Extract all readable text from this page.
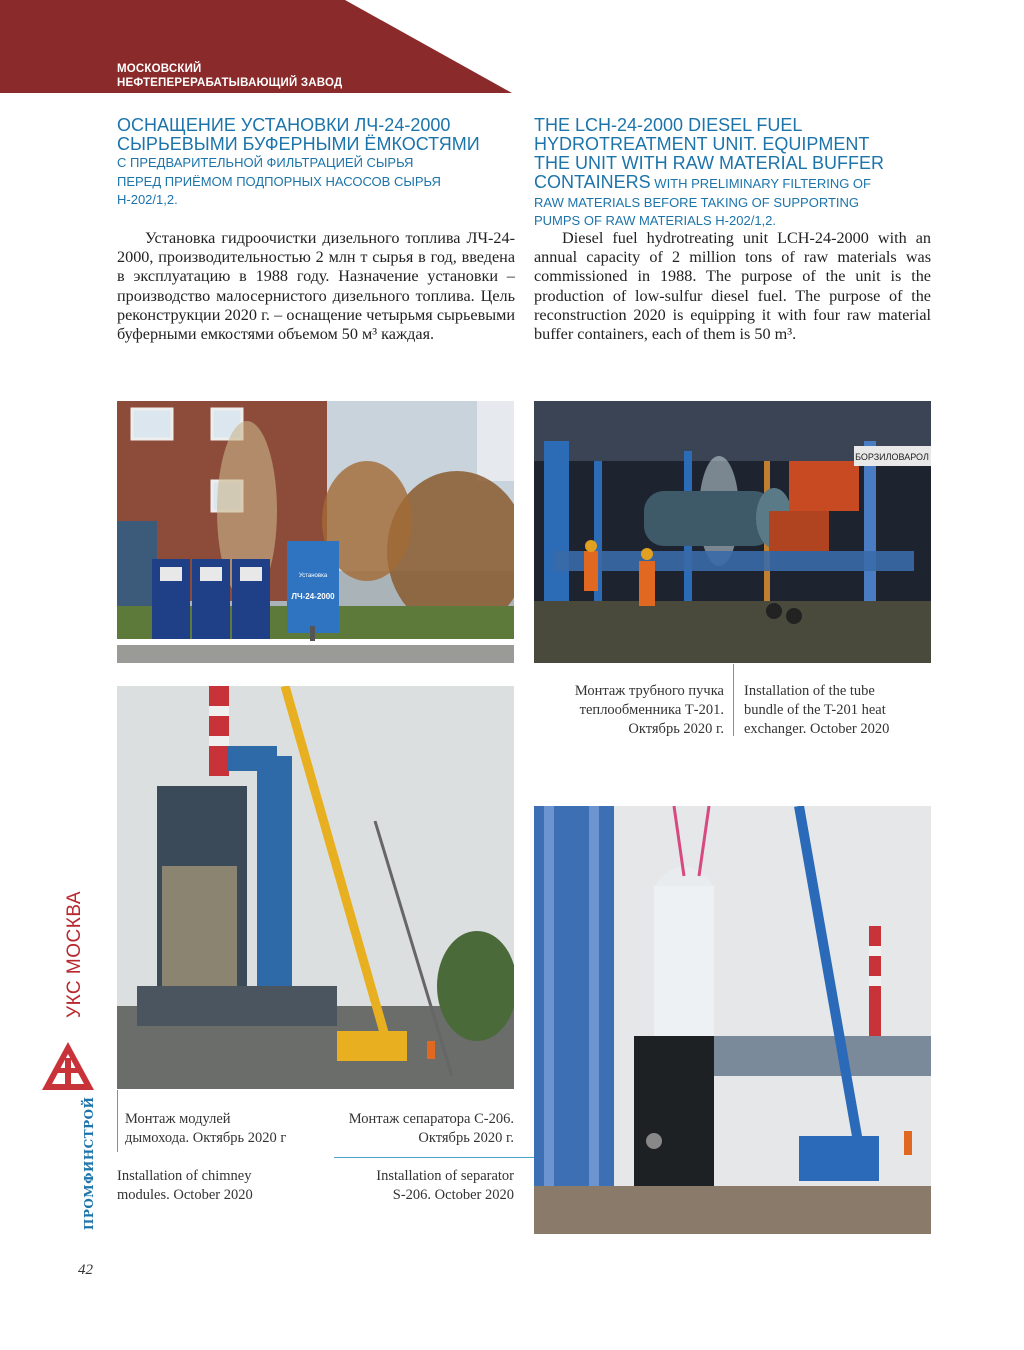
МОСКОВСКИЙ
НЕФТЕПЕРЕРАБАТЫВАЮЩИЙ ЗАВОД
ОСНАЩЕНИЕ УСТАНОВКИ ЛЧ-24-2000
СЫРЬЕВЫМИ БУФЕРНЫМИ ЁМКОСТЯМИ
С ПРЕДВАРИТЕЛЬНОЙ ФИЛЬТРАЦИЕЙ СЫРЬЯ
ПЕРЕД ПРИЁМОМ ПОДПОРНЫХ НАСОСОВ СЫРЬЯ
Н-202/1,2.
THE LCH-24-2000 DIESEL FUEL
HYDROTREATMENT UNIT. EQUIPMENT
THE UNIT WITH RAW MATERIAL BUFFER
CONTAINERS WITH PRELIMINARY FILTERING OF
RAW MATERIALS BEFORE TAKING OF SUPPORTING
PUMPS OF RAW MATERIALS H-202/1,2.

Установка гидроочистки дизельного топлива ЛЧ-24-2000, производительностью 2 млн т сырья в год, введена в эксплуатацию в 1988 году. Назначение установки – производство малосернистого дизельного топлива. Цель реконструкции 2020 г. – оснащение четырьмя сырьевыми буферными емкостями объемом 50 м³ каждая.

Diesel fuel hydrotreating unit LCH-24-2000 with an annual capacity of 2 million tons of raw materials was commissioned in 1988. The purpose of the unit is the production of low-sulfur diesel fuel. The purpose of the reconstruction 2020 is equipping it with four raw material buffer containers, each of them is 50 m³.

Установка
ЛЧ-24-2000
БОРЗИЛОВАРОЛ
Монтаж трубного пучка
теплообменника Т-201.
Октябрь 2020 г.
Installation of the tube
bundle of the T-201 heat
exchanger. October 2020
Монтаж модулей
дымохода. Октябрь 2020 г
Installation of chimney
modules. October 2020
Монтаж сепаратора С-206.
Октябрь 2020 г.
Installation of separator
S-206. October 2020
УКС МОСКВА
ПРОМФИНСТРОЙ
42
